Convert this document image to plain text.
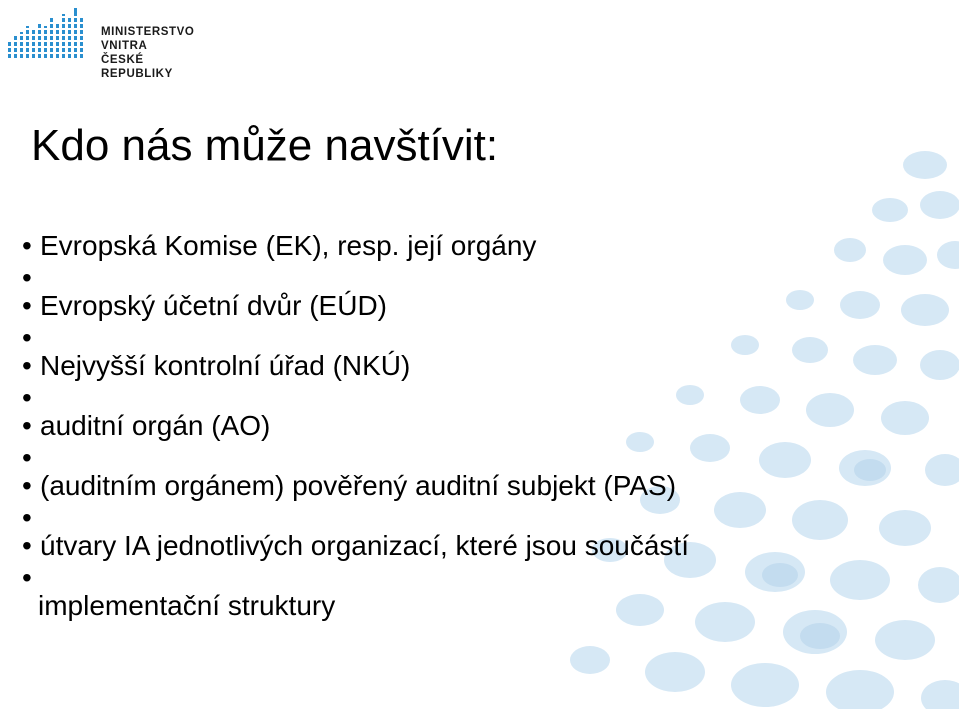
MINISTERSTVO VNITRA
ČESKÉ REPUBLIKY
Kdo nás může navštívit:
• Evropská Komise (EK), resp. její orgány
•
• Evropský účetní dvůr (EÚD)
•
• Nejvyšší kontrolní úřad (NKÚ)
•
• auditní orgán (AO)
•
• (auditním orgánem) pověřený auditní subjekt (PAS)
•
• útvary IA jednotlivých organizací, které jsou součástí
•
implementační struktury
